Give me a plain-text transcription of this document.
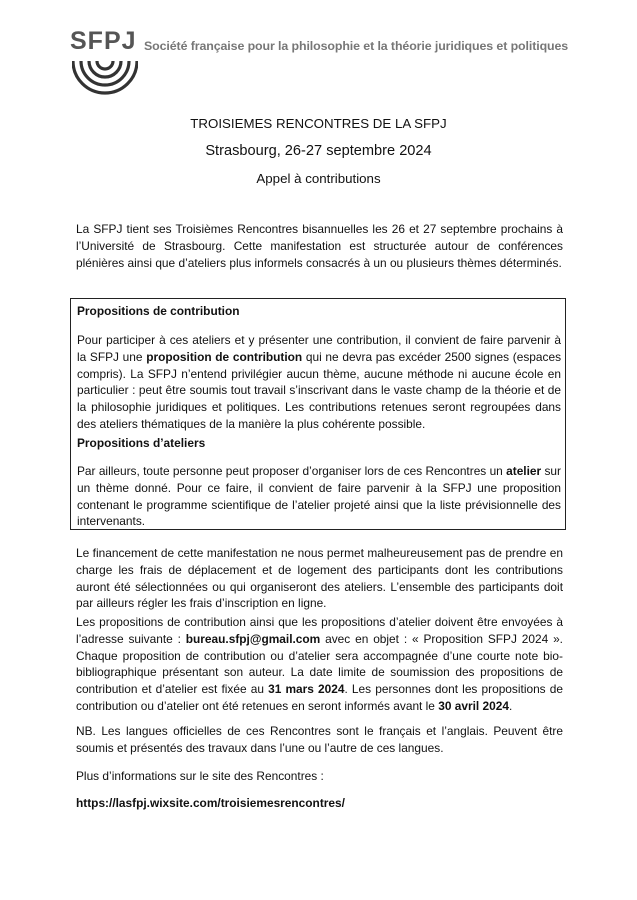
SFPJ Société française pour la philosophie et la théorie juridiques et politiques
TROISIEMES RENCONTRES DE LA SFPJ
Strasbourg, 26-27 septembre 2024
Appel à contributions
La SFPJ tient ses Troisièmes Rencontres bisannuelles les 26 et 27 septembre prochains à l’Université de Strasbourg. Cette manifestation est structurée autour de conférences plénières ainsi que d’ateliers plus informels consacrés à un ou plusieurs thèmes déterminés.
Propositions de contribution
Pour participer à ces ateliers et y présenter une contribution, il convient de faire parvenir à la SFPJ une proposition de contribution qui ne devra pas excéder 2500 signes (espaces compris). La SFPJ n’entend privilégier aucun thème, aucune méthode ni aucune école en particulier : peut être soumis tout travail s’inscrivant dans le vaste champ de la théorie et de la philosophie juridiques et politiques. Les contributions retenues seront regroupées dans des ateliers thématiques de la manière la plus cohérente possible.
Propositions d’ateliers
Par ailleurs, toute personne peut proposer d’organiser lors de ces Rencontres un atelier sur un thème donné. Pour ce faire, il convient de faire parvenir à la SFPJ une proposition contenant le programme scientifique de l’atelier projeté ainsi que la liste prévisionnelle des intervenants.
Le financement de cette manifestation ne nous permet malheureusement pas de prendre en charge les frais de déplacement et de logement des participants dont les contributions auront été sélectionnées ou qui organiseront des ateliers. L’ensemble des participants doit par ailleurs régler les frais d’inscription en ligne.
Les propositions de contribution ainsi que les propositions d’atelier doivent être envoyées à l’adresse suivante : bureau.sfpj@gmail.com avec en objet : « Proposition SFPJ 2024 ». Chaque proposition de contribution ou d’atelier sera accompagnée d’une courte note bio-bibliographique présentant son auteur. La date limite de soumission des propositions de contribution et d’atelier est fixée au 31 mars 2024. Les personnes dont les propositions de contribution ou d’atelier ont été retenues en seront informés avant le 30 avril 2024.
NB. Les langues officielles de ces Rencontres sont le français et l’anglais. Peuvent être soumis et présentés des travaux dans l’une ou l’autre de ces langues.
Plus d’informations sur le site des Rencontres :
https://lasfpj.wixsite.com/troisiemesrencontres/
